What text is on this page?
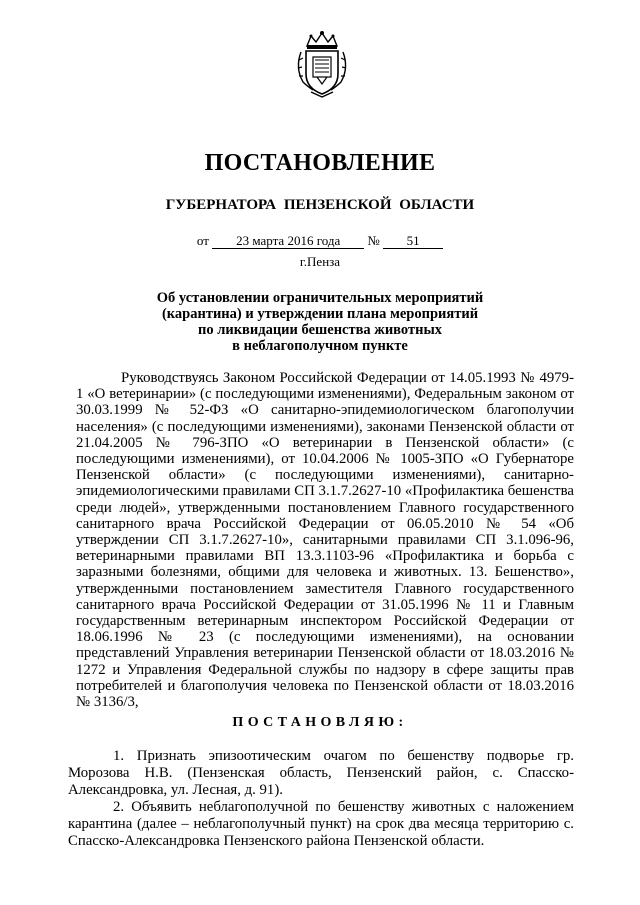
ПОСТАНОВЛЕНИЕ
ГУБЕРНАТОРА ПЕНЗЕНСКОЙ ОБЛАСТИ
от 23 марта 2016 года № 51
г.Пенза
Об установлении ограничительных мероприятий
(карантина) и утверждении плана мероприятий
по ликвидации бешенства животных
в неблагополучном пункте
Руководствуясь Законом Российской Федерации от 14.05.1993 № 4979-1 «О ветеринарии» (с последующими изменениями), Федеральным законом от 30.03.1999 № 52-ФЗ «О санитарно-эпидемиологическом благополучии населения» (с последующими изменениями), законами Пензенской области от 21.04.2005 № 796-ЗПО «О ветеринарии в Пензенской области» (с последующими изменениями), от 10.04.2006 № 1005-ЗПО «О Губернаторе Пензенской области» (с последующими изменениями), санитарно-эпидемиологическими правилами СП 3.1.7.2627-10 «Профилактика бешенства среди людей», утвержденными постановлением Главного государственного санитарного врача Российской Федерации от 06.05.2010 № 54 «Об утверждении СП 3.1.7.2627-10», санитарными правилами СП 3.1.096-96, ветеринарными правилами ВП 13.3.1103-96 «Профилактика и борьба с заразными болезнями, общими для человека и животных. 13. Бешенство», утвержденными постановлением заместителя Главного государственного санитарного врача Российской Федерации от 31.05.1996 № 11 и Главным государственным ветеринарным инспектором Российской Федерации от 18.06.1996 № 23 (с последующими изменениями), на основании представлений Управления ветеринарии Пензенской области от 18.03.2016 № 1272 и Управления Федеральной службы по надзору в сфере защиты прав потребителей и благополучия человека по Пензенской области от 18.03.2016 № 3136/3,
ПОСТАНОВЛЯЮ:

1. Признать эпизоотическим очагом по бешенству подворье гр. Морозова Н.В. (Пензенская область, Пензенский район, с. Спасско-Александровка, ул. Лесная, д. 91).

2. Объявить неблагополучной по бешенству животных с наложением карантина (далее – неблагополучный пункт) на срок два месяца территорию с. Спасско-Александровка Пензенского района Пензенской области.
